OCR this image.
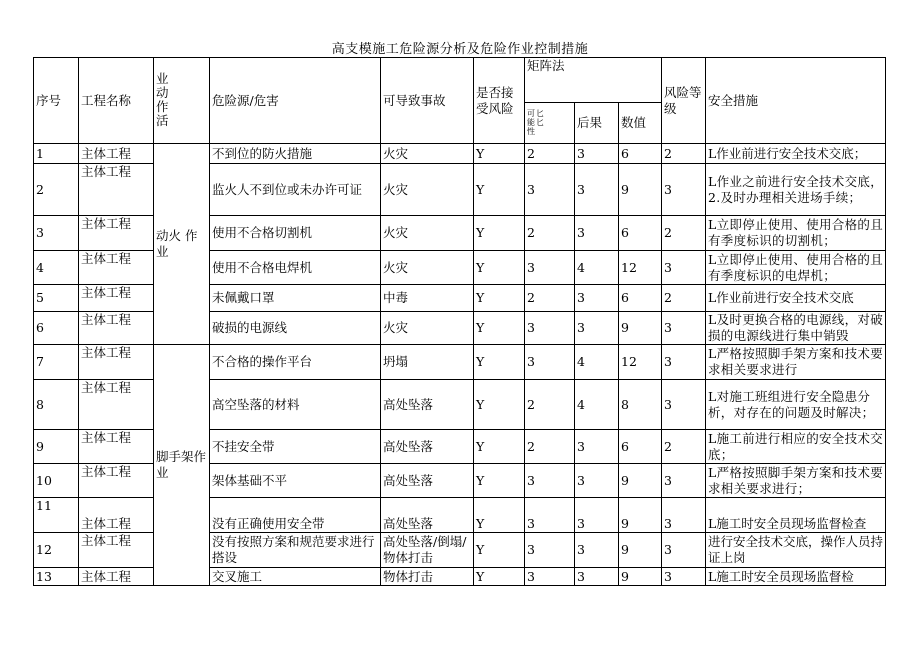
高支模施工危险源分析及危险作业控制措施
序号	工程名称	业动作活	危险源/危害	可导致事故	是否接受风险	矩阵法			风险等级	安全措施
						可能性匕匕	后果	数值		
1	主体工程	动火 作业	不到位的防火措施	火灾	Y	2	3	6	2	L作业前进行安全技术交底；
2	主体工程		监火人不到位或未办许可证	火灾	Y	3	3	9	3	L作业之前进行安全技术交底，2.及时办理相关进场手续；
3	主体工程		使用不合格切割机	火灾	Y	2	3	6	2	L立即停止使用、使用合格的且有季度标识的切割机；
4	主体工程		使用不合格电焊机	火灾	Y	3	4	12	3	L立即停止使用、使用合格的且有季度标识的电焊机；
5	主体工程		未佩戴口罩	中毒	Y	2	3	6	2	L作业前进行安全技术交底
6	主体工程		破损的电源线	火灾	Y	3	3	9	3	L及时更换合格的电源线，对破损的电源线进行集中销毁
7	主体工程	脚手架作业	不合格的操作平台	坍塌	Y	3	4	12	3	L严格按照脚手架方案和技术要求相关要求进行
8	主体工程		高空坠落的材料	高处坠落	Y	2	4	8	3	L对施工班组进行安全隐患分析，对存在的问题及时解决；
9	主体工程		不挂安全带	高处坠落	Y	2	3	6	2	L施工前进行相应的安全技术交底；
10	主体工程		架体基础不平	高处坠落	Y	3	3	9	3	L严格按照脚手架方案和技术要求相关要求进行；
11	主体工程		没有正确使用安全带	高处坠落	Y	3	3	9	3	L施工时安全员现场监督检查
12	主体工程		没有按照方案和规范要求进行搭设	高处坠落/倒塌/物体打击	Y	3	3	9	3	进行安全技术交底，操作人员持证上岗
13	主体工程		交叉施工	物体打击	Y	3	3	9	3	L施工时安全员现场监督检
